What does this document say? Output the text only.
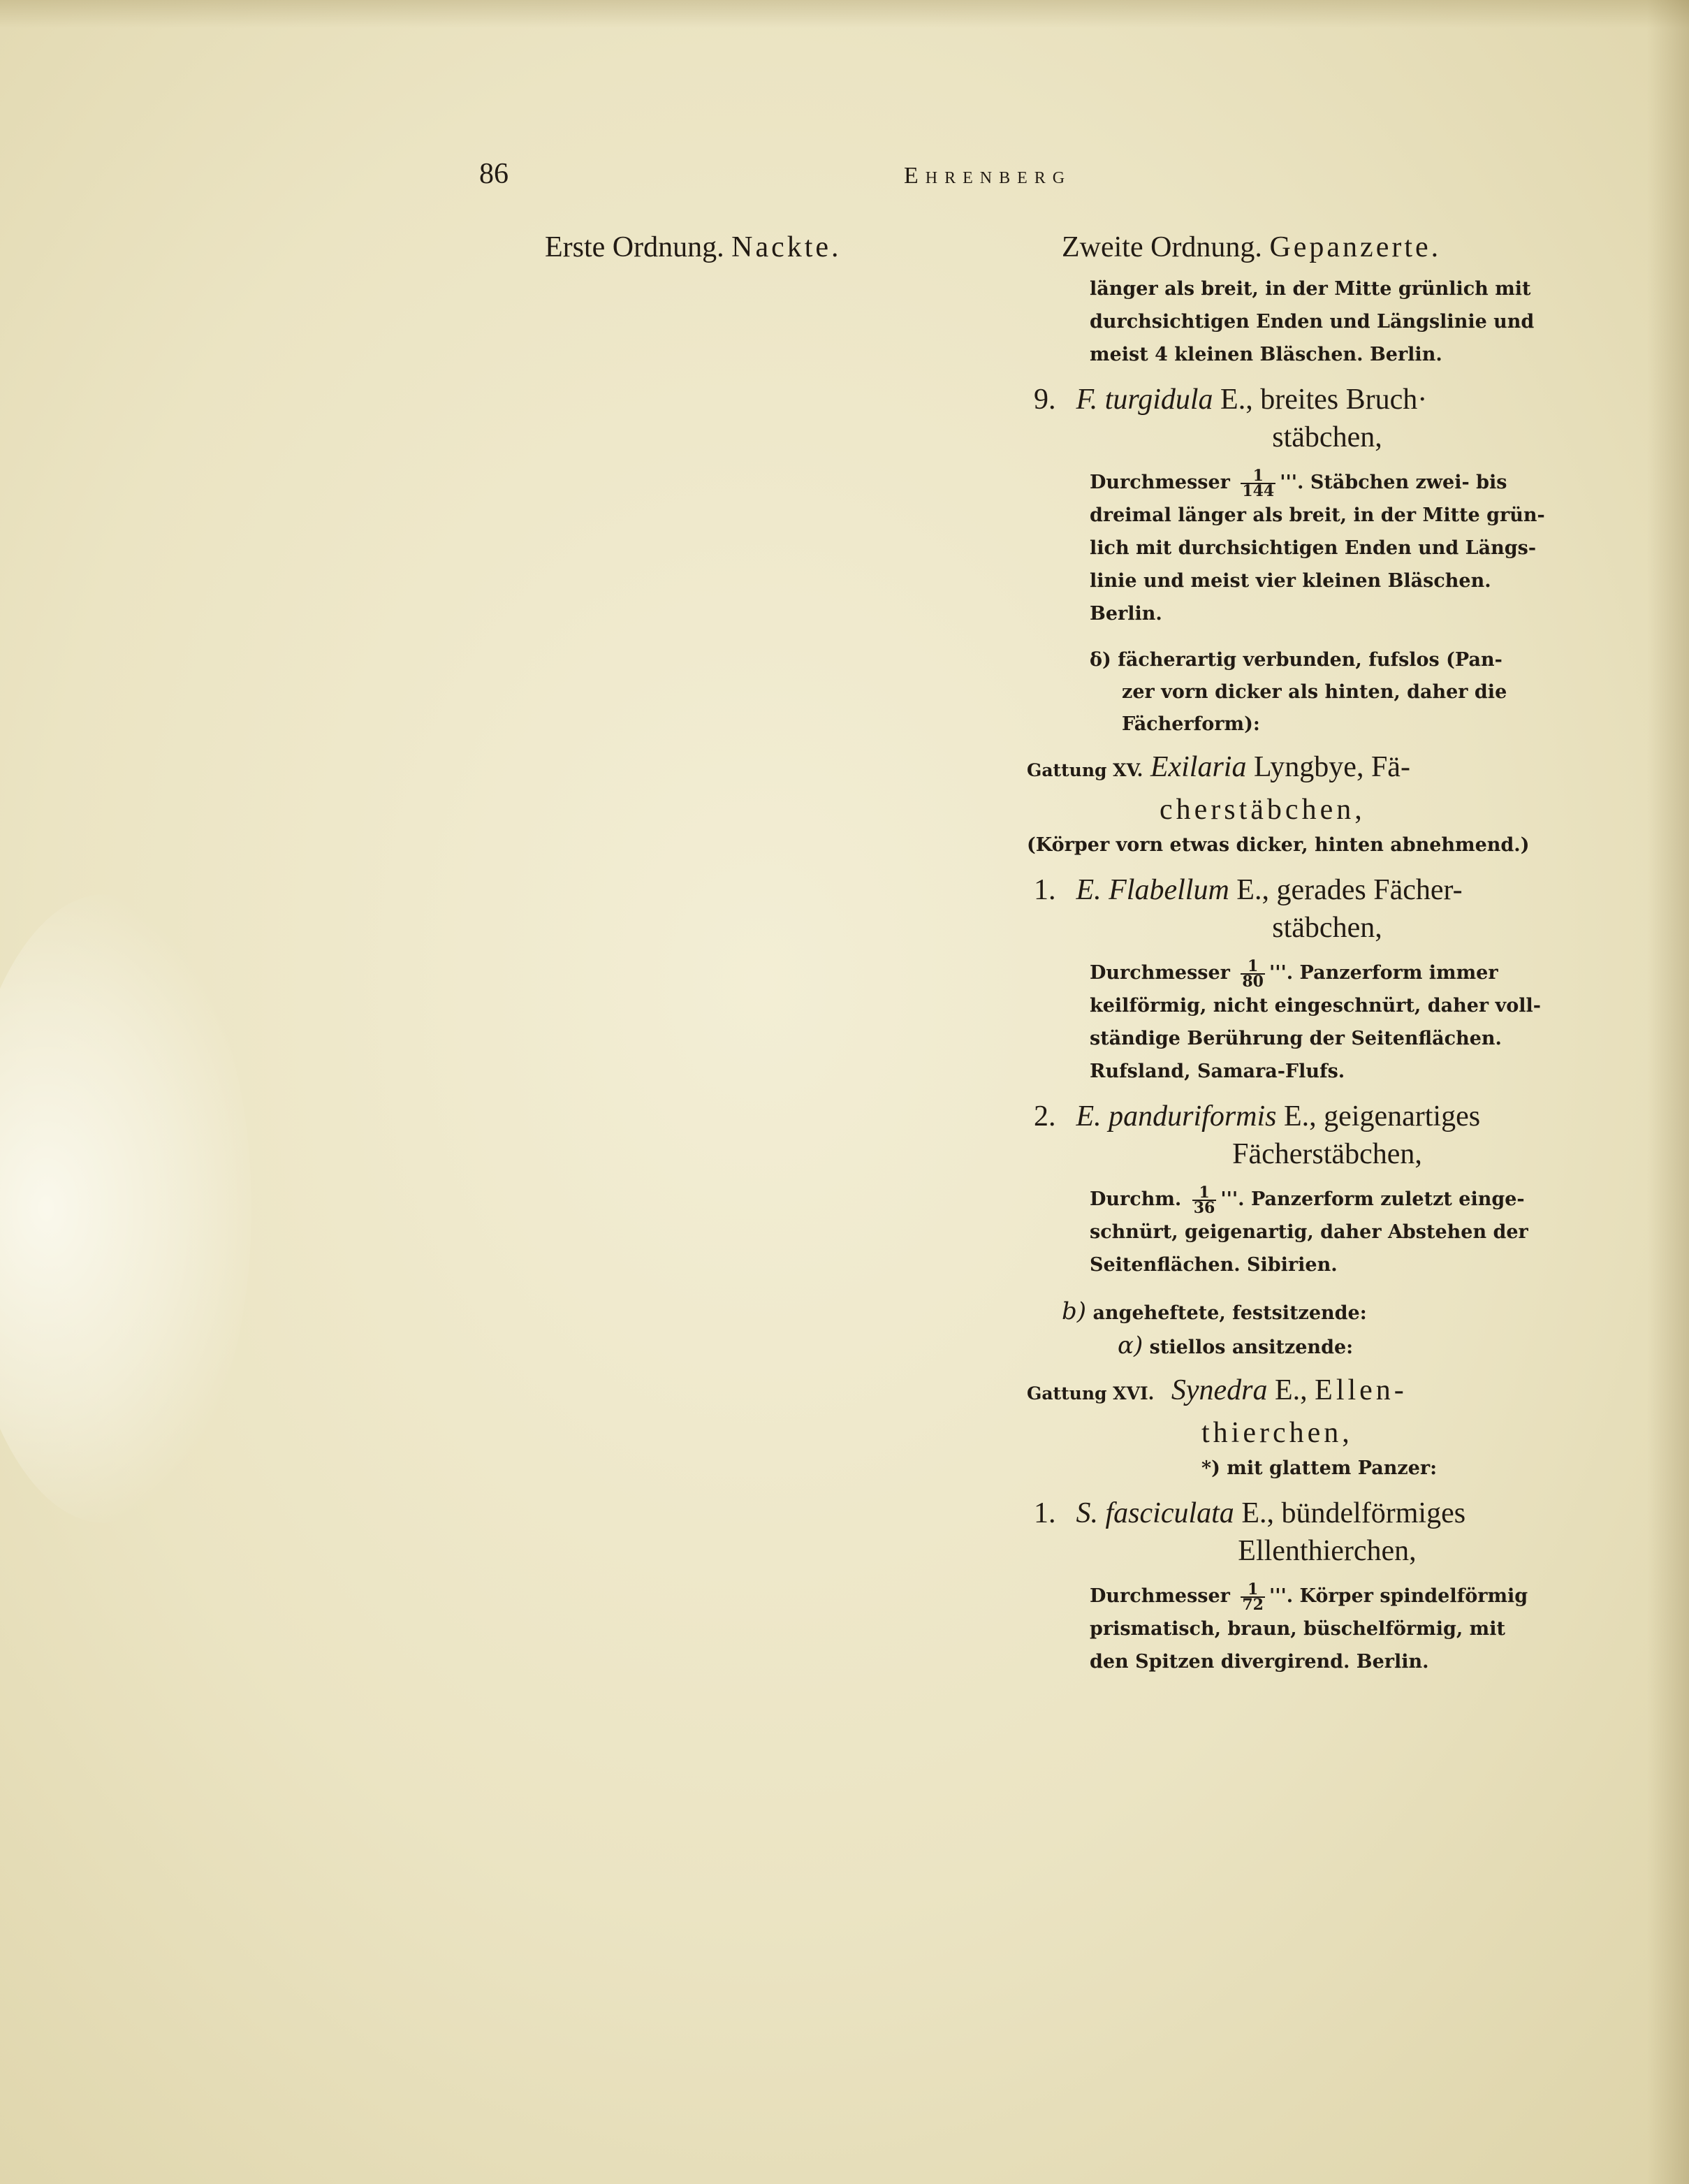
86	Ehrenberg
Erste Ordnung. Nackte.	Zweite Ordnung. Gepanzerte.
länger als breit, in der Mitte grünlich mit
durchsichtigen Enden und Längslinie und
meist 4 kleinen Bläschen. Berlin.
9. F. turgidula E., breites Bruch·
stäbchen,
Durchmesser $\frac{1}{144}$ '''. Stäbchen zwei- bis
dreimal länger als breit, in der Mitte grün-
lich mit durchsichtigen Enden und Längs-
linie und meist vier kleinen Bläschen.
Berlin.
δ) fächerartig verbunden, fufslos (Pan-
zer vorn dicker als hinten, daher die
Fächerform):
Gattung XV. Exilaria Lyngbye, Fä-
cherstäbchen,
(Körper vorn etwas dicker, hinten abnehmend.)
1. E. Flabellum E., gerades Fächer-
stäbchen,
Durchmesser $\frac{1}{80}$ '''. Panzerform immer
keilförmig, nicht eingeschnürt, daher voll-
ständige Berührung der Seitenflächen.
Rufsland, Samara-Flufs.
2. E. panduriformis E., geigenartiges
Fächerstäbchen,
Durchm. $\frac{1}{36}$ '''. Panzerform zuletzt einge-
schnürt, geigenartig, daher Abstehen der
Seitenflächen. Sibirien.
b) angeheftete, festsitzende:
α) stiellos ansitzende:
Gattung XVI. Synedra E., Ellen-
thierchen,
*) mit glattem Panzer:
1. S. fasciculata E., bündelförmiges
Ellenthierchen,
Durchmesser $\frac{1}{72}$ '''. Körper spindelförmig
prismatisch, braun, büschelförmig, mit
den Spitzen divergirend. Berlin.
